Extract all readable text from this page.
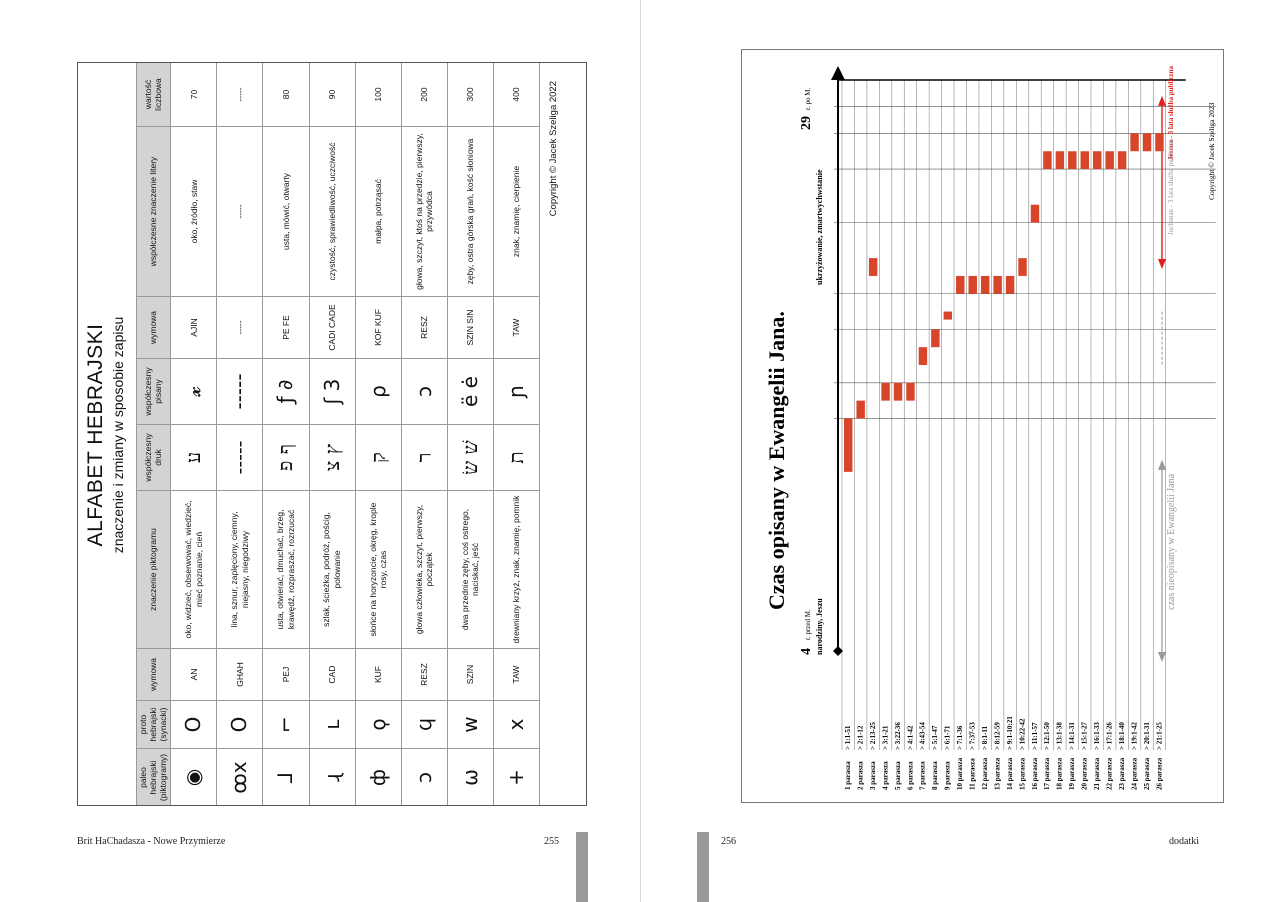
ALFABET HEBRAJSKI znaczenie i zmiany w sposobie zapisu
paleo hebrajski (piktogramy)	proto hebrajski (synacki)	wymowa	znaczenie piktogramu	współczesny druk	współczesny pisany	wymowa	współczesne znaczenie litery	wartość liczbowa
◉	O	AN	oko, widzieć, obserwować, wiedzieć, mieć poznanie, cień	ע	𝔁	AJIN	oko, źródło, staw	70
ꝏx	O	GHAH	lina, sznur, zaplęciony, ciemny, niejasny, niegodziwy	-----	-----	-----	-----	-----
⅃	⌐	PEJ	usta, otwierać, dmuchać, brzeg, krawędź, rozpraszać, rozrzucać	ף פ	ƒ ∂	PE FE	usta, mówić, otwarty	80
ɻ	ʟ	CAD	szlak, ścieżka, podróż, pościg, polowanie	ץ צ	ʃ 3	CADI CADE	czystość, sprawiedliwość, uczciwość	90
ф	ϙ	KUF	słońce na horyzoncie, okręg, krople rosy, czas	ק	ρ	KOF KUF	małpa, potrząsać	100
ↄ	ϥ	RESZ	głowa człowieka, szczyt, pierwszy, początek	ר	ɔ	RESZ	głowa, szczyt, ktoś na przedzie, pierwszy, przywódca	200
ω	w	SZIN	dwa przednie zęby, coś ostrego, naciskać, jeść	שׁ שׂ	ë ė	SZIN SIN	zęby, ostra górska grań, kość słoniowa	300
+	x	TAW	drewniany krzyż, znak, znamię, pomnik	ת	ɲ	TAW	znak, znamię, cierpienie	400	Copyright © Jacek Szeliga 2022
Brit HaChadasza - Nowe Przymierze	255
1 parasza
> 1:1-51
2 parasza
> 2:1-12
3 parasza
> 2:13-25
4 parasza
> 3:1-21
5 parasza
> 3:22-36
6 parasza
> 4:1-42
7 parasza
> 4:43-54
8 parasza
> 5:1-47
9 parasza
> 6:1-71
10 parasza
> 7:1-36
11 parasza
> 7:37-53
12 parasza
> 8:1-11
13 parasza
> 8:12-59
14 parasza
> 9:1-10:21
15 parasza
> 10:22-42
16 parasza
> 11:1-57
17 parasza
> 12:1-50
18 parasza
> 13:1-38
19 parasza
> 14:1-31
20 parasza
> 15:1-27
21 parasza
> 16:1-33
22 parasza
> 17:1-26
23 parasza
> 18:1-40
24 parasza
> 19:1-42
25 parasza
> 20:1-31
26 parasza
> 21:1-25
Czas opisany w Ewangelii Jana.
4
r. przed M. narodziny, Jeszu
29
r. po M.
ukrzyżowanie, zmartwychwstanie
czas nieopisany w Ewangelii Jana
Jeszua - 3 lata służba publiczna
Jochanan - 3 lata służba publiczna	Copyright © Jacek Szeliga 2023
256	dodatki
